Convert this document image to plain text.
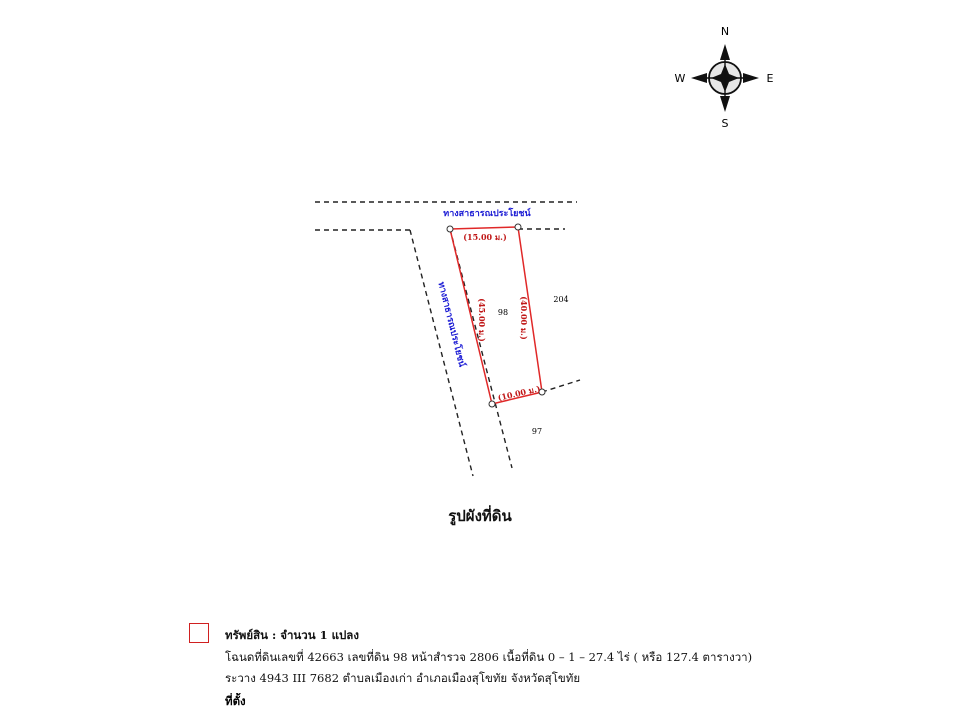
N
S
E
W
ทางสาธารณประโยชน์
ทางสาธารณประโยชน์
(15.00 ม.)
(45.00 ม.)	(40.00 ม.)
(10.00 ม.)
98
204
97
รูปผังที่ดิน
ทรัพย์สิน : จำนวน 1 แปลง
โฉนดที่ดินเลขที่ 42663 เลขที่ดิน 98 หน้าสำรวจ 2806 เนื้อที่ดิน 0 – 1 – 27.4 ไร่ ( หรือ 127.4 ตารางวา)
ระวาง 4943 III 7682 ตำบลเมืองเก่า อำเภอเมืองสุโขทัย จังหวัดสุโขทัย
ที่ตั้ง
